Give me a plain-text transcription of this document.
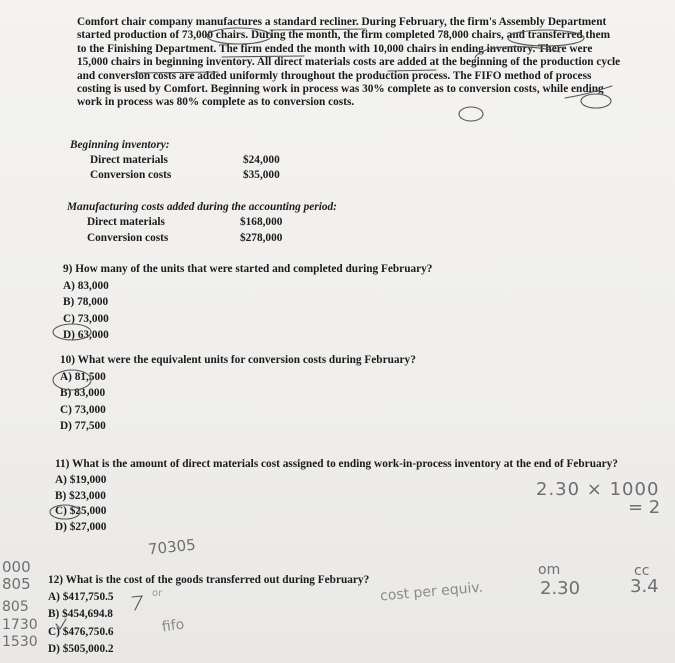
Comfort chair company manufactures a standard recliner. During February, the firm's Assembly Department started production of 73,000 chairs. During the month, the firm completed 78,000 chairs, and transferred them to the Finishing Department. The firm ended the month with 10,000 chairs in ending inventory. There were 15,000 chairs in beginning inventory. All direct materials costs are added at the beginning of the production cycle and conversion costs are added uniformly throughout the production process. The FIFO method of process costing is used by Comfort. Beginning work in process was 30% complete as to conversion costs, while ending work in process was 80% complete as to conversion costs.

Beginning inventory:
Direct materials	$24,000
Conversion costs	$35,000
Manufacturing costs added during the accounting period:
Direct materials	$168,000
Conversion costs	$278,000

9) How many of the units that were started and completed during February?

A) 83,000
B) 78,000
C) 73,000
D) 63,000

10) What were the equivalent units for conversion costs during February?

A) 81,500
B) 83,000
C) 73,000
D) 77,500

11) What is the amount of direct materials cost assigned to ending work-in-process inventory at the end of February?

A) $19,000
B) $23,000
C) $25,000
D) $27,000

12) What is the cost of the goods transferred out during February?

A) $417,750.5
B) $454,694.8
C) $476,750.6
D) $505,000.2
2.30 × 1000
= 2
70305
om	cc
cost per equiv.	2.30	3.4
fifo
or
000
805
805
1730
1530
